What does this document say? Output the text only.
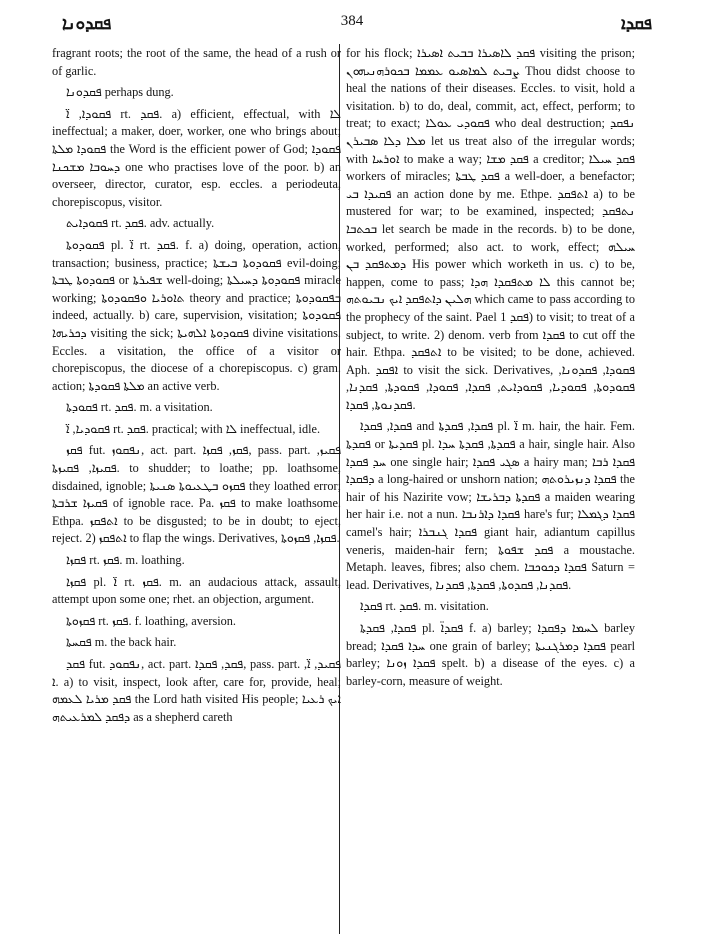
ܦܩܕܘܢܐ	384	ܦܩܕܐ

fragrant roots; the root of the same, the head of a rush or of garlic.

ܦܩܕܘܢܐ perhaps dung.

ܦܩܘܕܐ, ܐ̈ rt. ܦܩܕ. a) efficient, effectual, with ܠܐ ineffectual; a maker, doer, worker, one who brings about; ܦܩܘܕܐ ܡܠܬܐ the Word is the efficient power of God; ܦܩܘܕܐ ܕܚܘܒܐ ܡܫܟܢܐ one who practises love of the poor. b) an overseer, director, curator, esp. eccles. a periodeuta, chorepiscopus, visitor.

ܦܩܘܕܐܝܬ rt. ܦܩܕ. adv. actually.

ܦܩܘܕܘܬܐ pl. ܐ̈ rt. ܦܩܕ. f. a) doing, operation, action, transaction; business, practice; ܦܩܘܕܘܬܐ ܒܝܫܬܐ evil-doing; ܦܩܘܕܘܬܐ ܛܒܬܐ or ܫܦܝܪܬܐ well-doing; ܦܩܘܕܘܬܐ ܕܚܝܠܬܐ miracle working; ܬܐܘܪܝܐ ܘܦܩܘܕܘܬܐ theory and practice; ܒܦܩܘܕܘܬܐ indeed, actually. b) care, supervision, visitation; ܦܩܘܕܘܬܐ ܕܟܪܝܗܐ visiting the sick; ܦܩܘܕܘܬܐ ܐܠܗܝܬܐ divine visitations. Eccles. a visitation, the office of a visitor or chorepiscopus, the diocese of a chorepiscopus. c) gram. action; ܡܠܬܐ ܦܩܘܕܬܐ an active verb.

ܦܩܘܕܬܐ rt. ܦܩܕ. m. a visitation.

ܦܩܘܕܝܐ, ܐ̈ rt. ܦܩܕ. practical; with ܠܐ ineffectual, idle.

ܦܩܙ fut. ܢܦܩܘܙ, act. part. ܦܩܙ, ܦܩܙܐ, pass. part. ܦܩܝܙ, ܦܩܝܙܐ, ܦܩܝܙܬܐ. to shudder; to loathe; pp. loathsome, disdained, ignoble; ܦܩܙܘ ܒܛܥܝܘܬܐ ܣܢܝܬܐ they loathed error; ܦܩܝܙܐ ܫܪܒܬܐ of ignoble race. Pa. ܦܩܙ to make loathsome. Ethpa. ܐܬܦܩܙ to be disgusted; to be in doubt; to eject, reject. 2) ܐܬܦܩܙ to flap the wings. Derivatives, ܦܩܙܐ, ܦܩܙܘܬܐ.

ܦܩܙܐ rt. ܦܩܙ. m. loathing.

ܦܩܙܐ pl. ܐ̈ rt. ܦܩܙ. m. an audacious attack, assault, attempt upon some one; rhet. an objection, argument.

ܦܩܙܘܬܐ rt. ܦܩܙ. f. loathing, aversion.

ܦܩܚܬܐ m. the back hair.

ܦܩܕ fut. ܢܦܩܘܕ, act. part. ܦܩܕ, ܦܩܕܐ, pass. part. ܦܩܝܕ, ܐ̈, ܐ. a) to visit, inspect, look after, care for, provide, heal; ܦܩܕ ܡܪܝܐ ܠܥܡܗ the Lord hath visited His people; ܐܝܟ ܪܥܝܐ ܕܦܩܕ ܠܡܪܥܝܬܗ as a shepherd careth

for his flock; ܦܩܕ ܠܐܣܝܪܐ ܒܒܝܬ ܐܣܝܪܐ visiting the prison; ܨܒܝܬ ܠܡܐܣܝܘ ܥܡܡܐ ܒܟܘܪܗܢܝܗܘܢ Thou didst choose to heal the nations of their diseases. Eccles. to visit, hold a visitation. b) to do, deal, commit, act, effect, perform; to treat; to exact; ܦܩܘܕܝ ܥܘܠܐ who deal destruction; ܢܦܩܕ ܡܠܐ ܕܠܐ ܣܒܝܪܢ let us treat also of the irregular words; with ܐܘܪܚܐ to make a way; ܦܩܕ ܡܫܐ a creditor; ܦܩܕ ܚܝܠܐ workers of miracles; ܦܩܕ ܛܒܬܐ a well-doer, a benefactor; ܦܩܝܕܐ ܒܝ an action done by me. Ethpe. ܐܬܦܩܕ a) to be mustered for war; to be examined, inspected; ܢܬܦܩܕ ܒܟܬܒܐ let search be made in the records. b) to be done, worked, performed; also act. to work, effect; ܚܝܠܗ ܕܡܬܦܩܕ ܒܢ His power which worketh in us. c) to be, happen, come to pass; ܠܐ ܡܬܦܩܕܐ ܗܕܐ this cannot be; ܗܠܝܢ ܕܐܬܦܩܕ ܐܝܟ ܢܒܝܘܬܗ which came to pass according to the prophecy of the saint. Pael ܦܩܕ 1) to visit; to treat of a subject, to write. 2) denom. verb from ܦܩܕܐ to cut off the hair. Ethpa. ܐܬܦܩܕ to be visited; to be done, achieved. Aph. ܐܦܩܕ to visit the sick. Derivatives, ܦܩܘܕܐ, ܦܩܕܘܢܐ, ܦܩܘܕܘܬܐ, ܦܩܘܕܝܐ, ܦܩܘܕܐܝܬ, ܦܩܕܐ, ܦܩܘܕܐ, ܦܩܘܕܬܐ, ܦܩܕܢܐ, ܦܩܕܢܘܬܐ, ܦܩܕܐ.

ܦܩܕܐ, ܦܩܕܐ and ܦܩܕܐ, ܦܩܕܬܐ pl. ܐ̈ m. hair, the hair. Fem. ܦܩܕܬܐ or ܦܩܕܝܬܐ pl. ܦܩܕܬܐ, ܦܩܕܬܐ ܚܕܐ a hair, single hair. Also ܚܕ ܦܩܕܐ one single hair; ܣܓܝ ܦܩܕܐ a hairy man; ܦܩܕܐ ܪܒܐ ܕܦܩܕܐ a long-haired or unshorn nation; ܦܩܕܐ ܕܢܙܝܪܘܬܗ the hair of his Nazirite vow; ܦܩܕܬܐ ܕܒܪܝܫܐ a maiden wearing her hair i.e. not a nun. ܦܩܕܐ ܕܐܪܢܒܐ hare's fur; ܦܩܕܐ ܕܓܡܠܐ camel's hair; ܦܩܕܐ ܓܢܒܪܐ giant hair, adiantum capillus veneris, maiden-hair fern; ܦܩܕ ܫܦܘܬܐ a moustache. Metaph. leaves, fibres; also chem. ܦܩܕܐ ܕܟܘܟܒܐ Saturn = lead. Derivatives, ܦܩܕܢܐ, ܦܩܕܘܬܐ, ܦܩܕܬܐ, ܦܩܕܢܐ.

ܦܩܕܐ rt. ܦܩܕ. m. visitation.

ܦܩܕܐ, ܦܩܕܬܐ pl. ܦܩܕܐ̈ f. a) barley; ܠܚܡܐ ܕܦܩܕܐ barley bread; ܚܕܐ ܦܩܕܐ one grain of barley; ܦܩܕܐ ܕܡܪܓܢܝܬܐ pearl barley; ܦܩܕܐ ܙܘܢܐ spelt. b) a disease of the eyes. c) a barley-corn, measure of weight.
